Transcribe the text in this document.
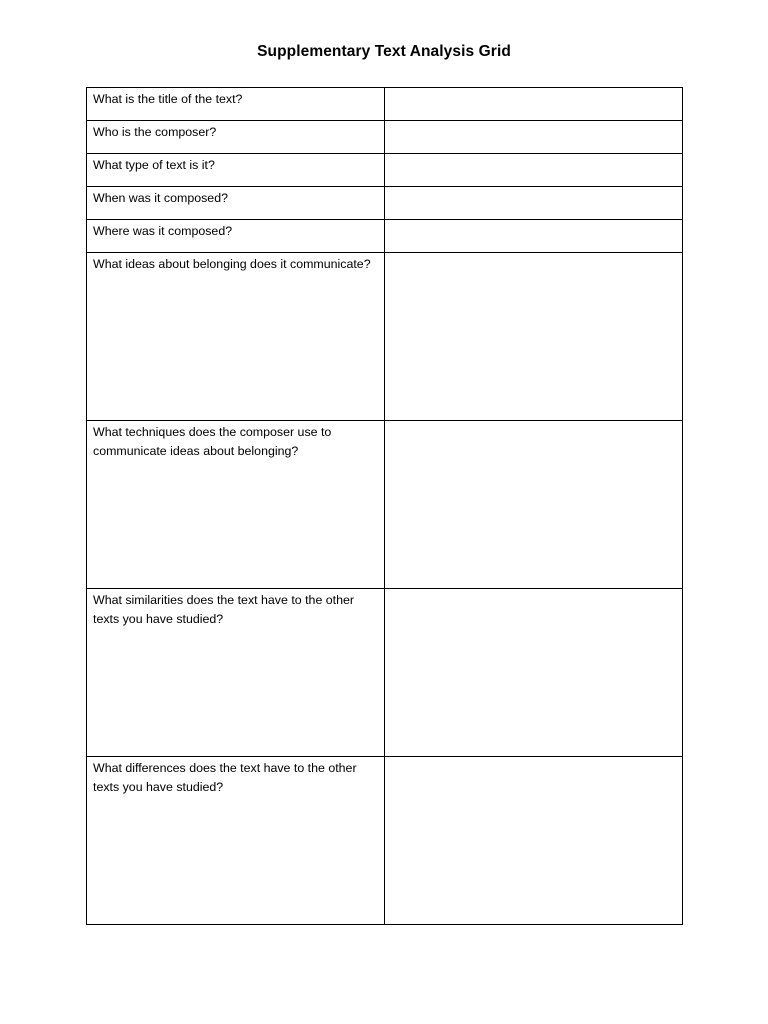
Supplementary Text Analysis Grid
What is the title of the text?	

Who is the composer?	

What type of text is it?	

When was it composed?	

Where was it composed?	

What ideas about belonging does it communicate?	

What techniques does the composer use to communicate ideas about belonging?	

What similarities does the text have to the other texts you have studied?	

What differences does the text have to the other texts you have studied?	
